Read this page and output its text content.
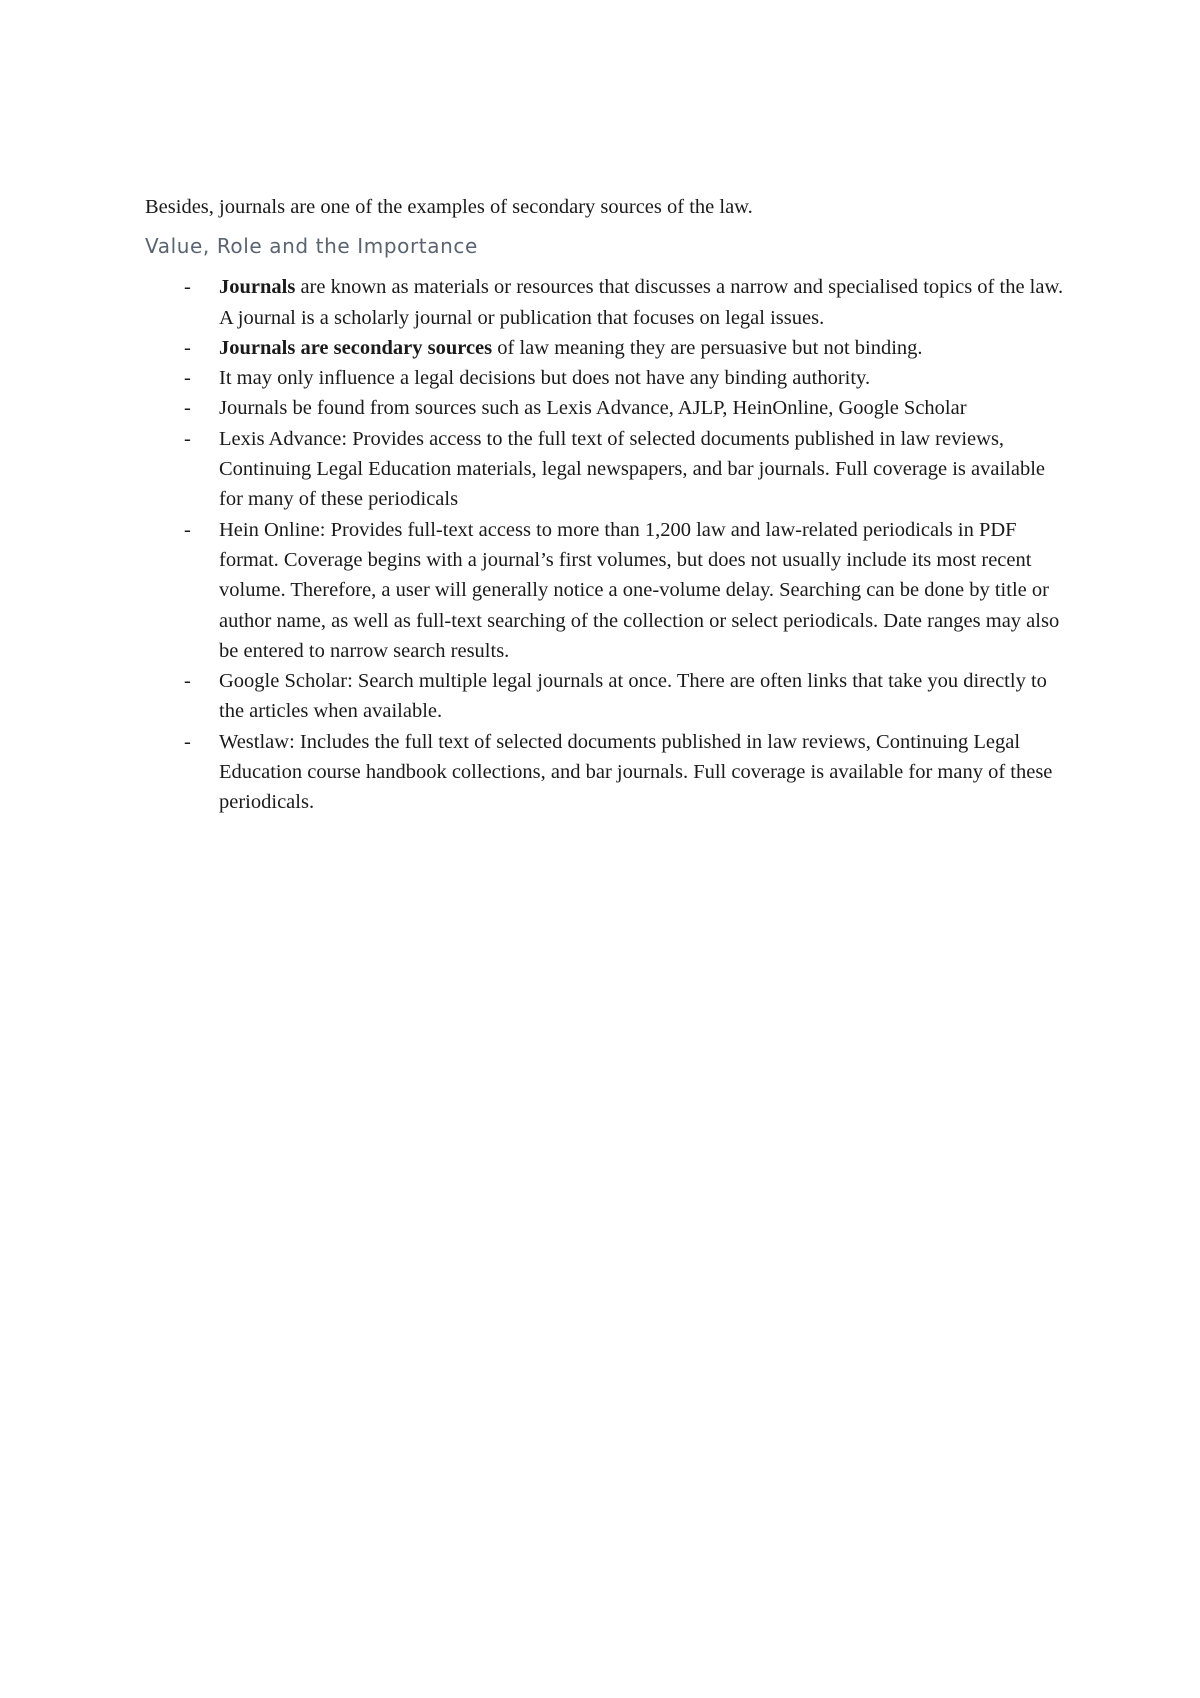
Besides, journals are one of the examples of secondary sources of the law.

Value, Role and the Importance
- Journals are known as materials or resources that discusses a narrow and specialised topics of the law. A journal is a scholarly journal or publication that focuses on legal issues.
- Journals are secondary sources of law meaning they are persuasive but not binding.
- It may only influence a legal decisions but does not have any binding authority.
- Journals be found from sources such as Lexis Advance, AJLP, HeinOnline, Google Scholar
- Lexis Advance: Provides access to the full text of selected documents published in law reviews, Continuing Legal Education materials, legal newspapers, and bar journals. Full coverage is available for many of these periodicals
- Hein Online: Provides full-text access to more than 1,200 law and law-related periodicals in PDF format. Coverage begins with a journal’s first volumes, but does not usually include its most recent volume. Therefore, a user will generally notice a one-volume delay. Searching can be done by title or author name, as well as full-text searching of the collection or select periodicals. Date ranges may also be entered to narrow search results.
- Google Scholar: Search multiple legal journals at once. There are often links that take you directly to the articles when available.
- Westlaw: Includes the full text of selected documents published in law reviews, Continuing Legal Education course handbook collections, and bar journals. Full coverage is available for many of these periodicals.
